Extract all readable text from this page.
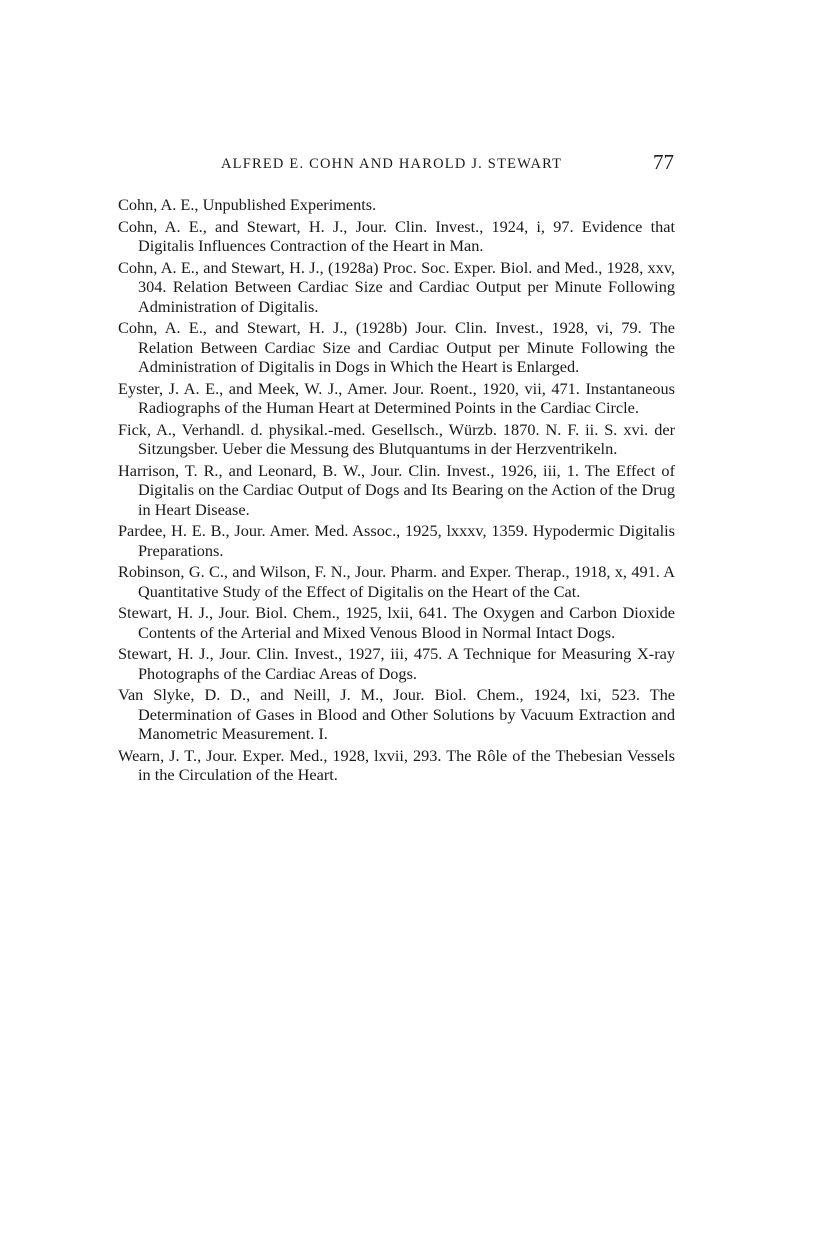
ALFRED E. COHN AND HAROLD J. STEWART	77
Cohn, A. E., Unpublished Experiments.
Cohn, A. E., and Stewart, H. J., Jour. Clin. Invest., 1924, i, 97. Evidence that Digitalis Influences Contraction of the Heart in Man.
Cohn, A. E., and Stewart, H. J., (1928a) Proc. Soc. Exper. Biol. and Med., 1928, xxv, 304. Relation Between Cardiac Size and Cardiac Output per Minute Following Administration of Digitalis.
Cohn, A. E., and Stewart, H. J., (1928b) Jour. Clin. Invest., 1928, vi, 79. The Relation Between Cardiac Size and Cardiac Output per Minute Following the Administration of Digitalis in Dogs in Which the Heart is Enlarged.
Eyster, J. A. E., and Meek, W. J., Amer. Jour. Roent., 1920, vii, 471. Instantaneous Radiographs of the Human Heart at Determined Points in the Cardiac Circle.
Fick, A., Verhandl. d. physikal.-med. Gesellsch., Würzb. 1870. N. F. ii. S. xvi. der Sitzungsber. Ueber die Messung des Blutquantums in der Herzventrikeln.
Harrison, T. R., and Leonard, B. W., Jour. Clin. Invest., 1926, iii, 1. The Effect of Digitalis on the Cardiac Output of Dogs and Its Bearing on the Action of the Drug in Heart Disease.
Pardee, H. E. B., Jour. Amer. Med. Assoc., 1925, lxxxv, 1359. Hypodermic Digitalis Preparations.
Robinson, G. C., and Wilson, F. N., Jour. Pharm. and Exper. Therap., 1918, x, 491. A Quantitative Study of the Effect of Digitalis on the Heart of the Cat.
Stewart, H. J., Jour. Biol. Chem., 1925, lxii, 641. The Oxygen and Carbon Dioxide Contents of the Arterial and Mixed Venous Blood in Normal Intact Dogs.
Stewart, H. J., Jour. Clin. Invest., 1927, iii, 475. A Technique for Measuring X-ray Photographs of the Cardiac Areas of Dogs.
Van Slyke, D. D., and Neill, J. M., Jour. Biol. Chem., 1924, lxi, 523. The Determination of Gases in Blood and Other Solutions by Vacuum Extraction and Manometric Measurement. I.
Wearn, J. T., Jour. Exper. Med., 1928, lxvii, 293. The Rôle of the Thebesian Vessels in the Circulation of the Heart.
